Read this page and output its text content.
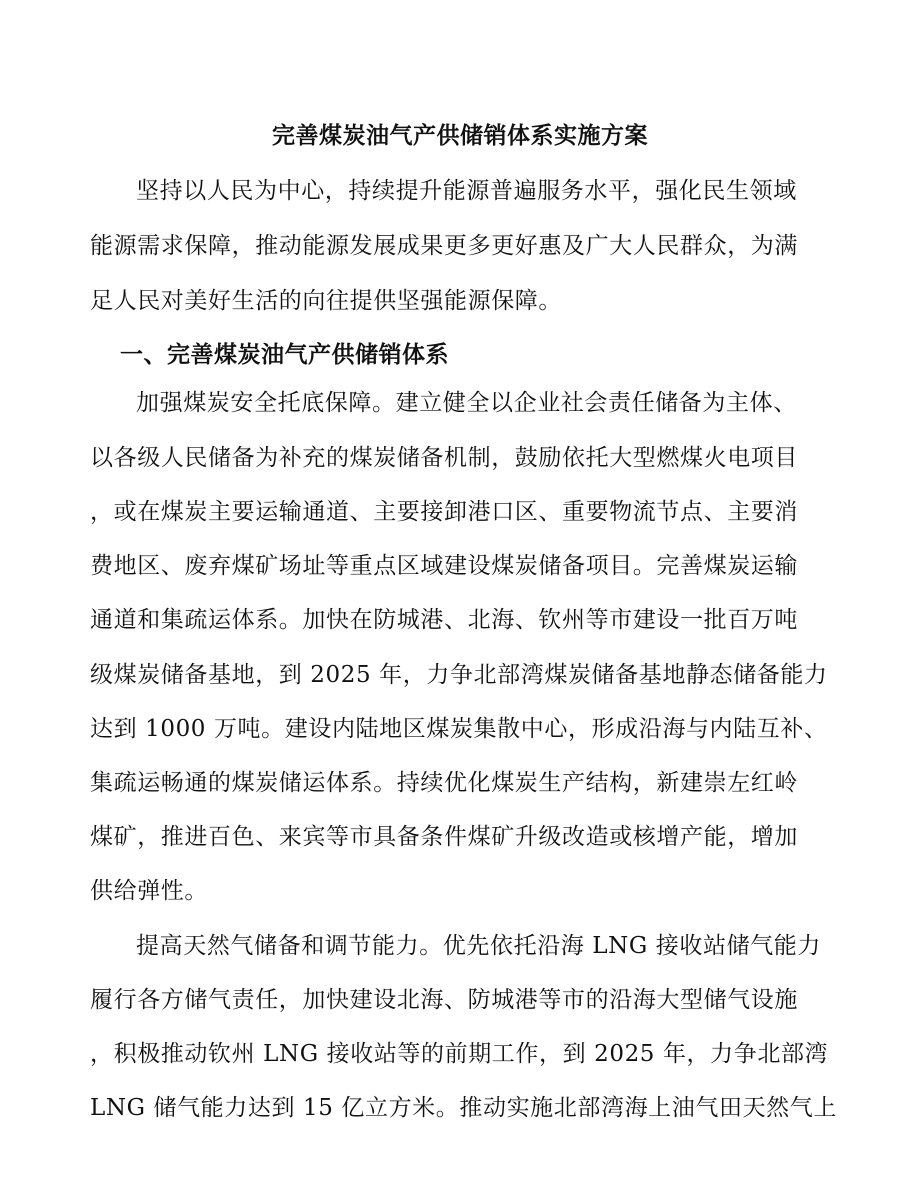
完善煤炭油气产供储销体系实施方案
坚持以人民为中心，持续提升能源普遍服务水平，强化民生领域
能源需求保障，推动能源发展成果更多更好惠及广大人民群众，为满
足人民对美好生活的向往提供坚强能源保障。
一、完善煤炭油气产供储销体系
加强煤炭安全托底保障。建立健全以企业社会责任储备为主体、
以各级人民储备为补充的煤炭储备机制，鼓励依托大型燃煤火电项目
，或在煤炭主要运输通道、主要接卸港口区、重要物流节点、主要消
费地区、废弃煤矿场址等重点区域建设煤炭储备项目。完善煤炭运输
通道和集疏运体系。加快在防城港、北海、钦州等市建设一批百万吨
级煤炭储备基地，到 2025 年，力争北部湾煤炭储备基地静态储备能力
达到 1000 万吨。建设内陆地区煤炭集散中心，形成沿海与内陆互补、
集疏运畅通的煤炭储运体系。持续优化煤炭生产结构，新建崇左红岭
煤矿，推进百色、来宾等市具备条件煤矿升级改造或核增产能，增加
供给弹性。
提高天然气储备和调节能力。优先依托沿海 LNG 接收站储气能力
履行各方储气责任，加快建设北海、防城港等市的沿海大型储气设施
，积极推动钦州 LNG 接收站等的前期工作，到 2025 年，力争北部湾
LNG 储气能力达到 15 亿立方米。推动实施北部湾海上油气田天然气上
